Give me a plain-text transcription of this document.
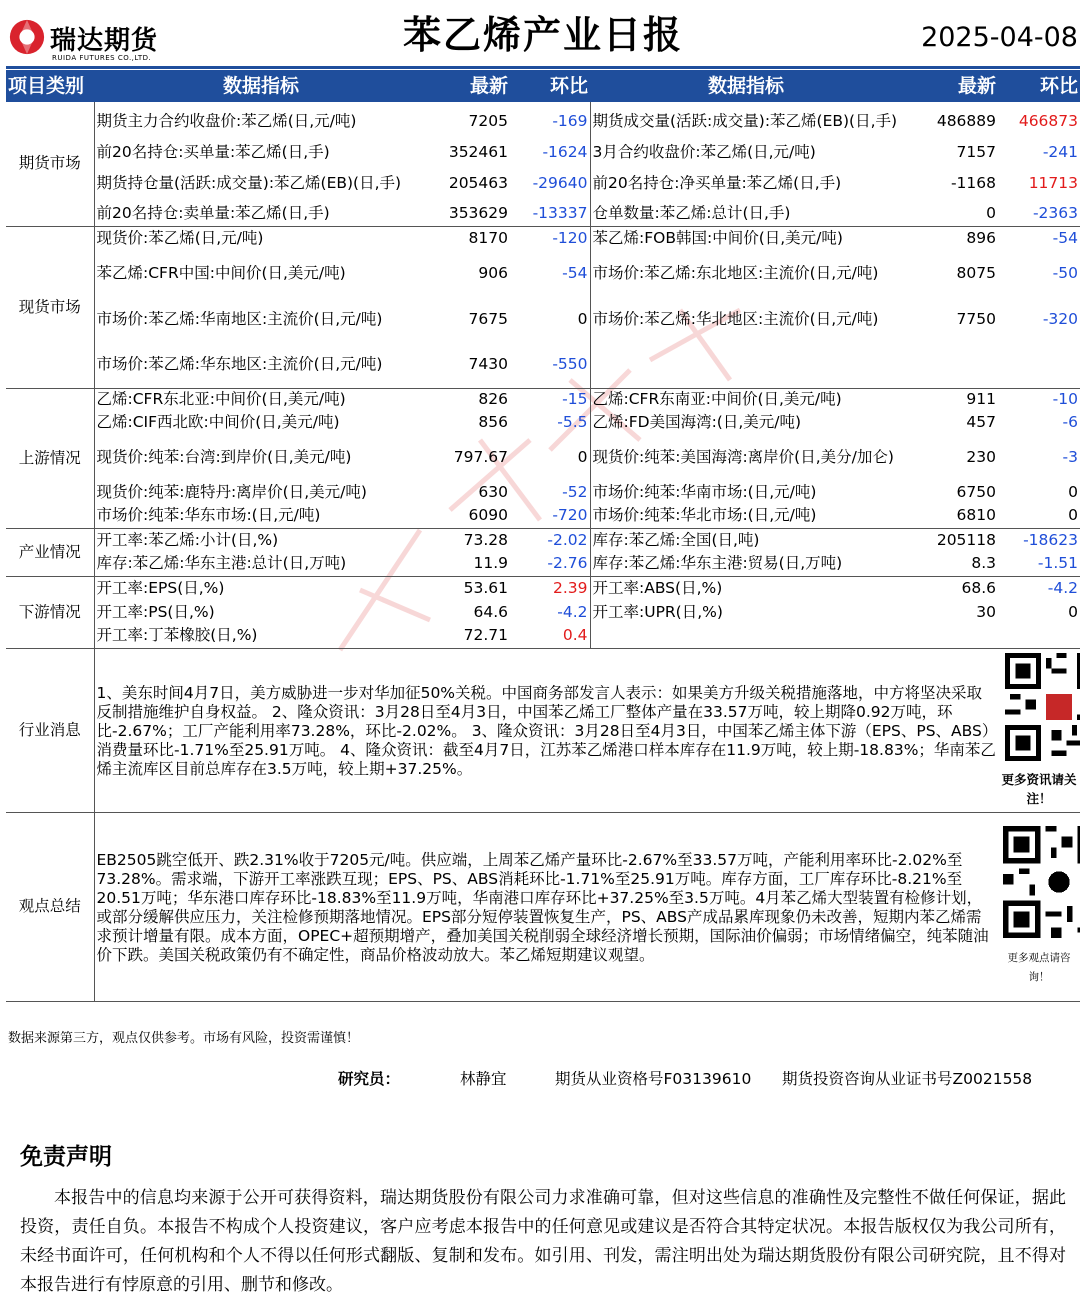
瑞达期货
RUIDA FUTURES CO.,LTD.
苯乙烯产业日报	2025-04-08
项目类别	数据指标	最新	环比	数据指标	最新	环比
期货市场	期货主力合约收盘价:苯乙烯(日,元/吨)	7205	-169	期货成交量(活跃:成交量):苯乙烯(EB)(日,手)	486889	466873
	前20名持仓:买单量:苯乙烯(日,手)	352461	-1624	3月合约收盘价:苯乙烯(日,元/吨)	7157	-241
	期货持仓量(活跃:成交量):苯乙烯(EB)(日,手)	205463	-29640	前20名持仓:净买单量:苯乙烯(日,手)	-1168	11713
	前20名持仓:卖单量:苯乙烯(日,手)	353629	-13337	仓单数量:苯乙烯:总计(日,手)	0	-2363
现货市场	现货价:苯乙烯(日,元/吨)	8170	-120	苯乙烯:FOB韩国:中间价(日,美元/吨)	896	-54
	苯乙烯:CFR中国:中间价(日,美元/吨)	906	-54	市场价:苯乙烯:东北地区:主流价(日,元/吨)	8075	-50
	市场价:苯乙烯:华南地区:主流价(日,元/吨)	7675	0	市场价:苯乙烯:华北地区:主流价(日,元/吨)	7750	-320
	市场价:苯乙烯:华东地区:主流价(日,元/吨)	7430	-550			
上游情况	乙烯:CFR东北亚:中间价(日,美元/吨)	826	-15	乙烯:CFR东南亚:中间价(日,美元/吨)	911	-10
	乙烯:CIF西北欧:中间价(日,美元/吨)	856	-5.5	乙烯:FD美国海湾:(日,美元/吨)	457	-6
	现货价:纯苯:台湾:到岸价(日,美元/吨)	797.67	0	现货价:纯苯:美国海湾:离岸价(日,美分/加仑)	230	-3
	现货价:纯苯:鹿特丹:离岸价(日,美元/吨)	630	-52	市场价:纯苯:华南市场:(日,元/吨)	6750	0
	市场价:纯苯:华东市场:(日,元/吨)	6090	-720	市场价:纯苯:华北市场:(日,元/吨)	6810	0
产业情况	开工率:苯乙烯:小计(日,%)	73.28	-2.02	库存:苯乙烯:全国(日,吨)	205118	-18623
	库存:苯乙烯:华东主港:总计(日,万吨)	11.9	-2.76	库存:苯乙烯:华东主港:贸易(日,万吨)	8.3	-1.51
下游情况	开工率:EPS(日,%)	53.61	2.39	开工率:ABS(日,%)	68.6	-4.2
	开工率:PS(日,%)	64.6	-4.2	开工率:UPR(日,%)	30	0
	开工率:丁苯橡胶(日,%)	72.71	0.4			
行业消息	1、美东时间4月7日，美方威胁进一步对华加征50%关税。中国商务部发言人表示：如果美方升级关税措施落地，中方将坚决采取反制措施维护自身权益。 2、隆众资讯：3月28日至4月3日，中国苯乙烯工厂整体产量在33.57万吨，较上期降0.92万吨，环比-2.67%；工厂产能利用率73.28%，环比-2.02%。 3、隆众资讯：3月28日至4月3日，中国苯乙烯主体下游（EPS、PS、ABS）消费量环比-1.71%至25.91万吨。 4、隆众资讯：截至4月7日，江苏苯乙烯港口样本库存在11.9万吨，较上期-18.83%；华南苯乙烯主流库区目前总库存在3.5万吨，较上期+37.25%。					更多资讯请关注！

观点总结	EB2505跳空低开、跌2.31%收于7205元/吨。供应端，上周苯乙烯产量环比-2.67%至33.57万吨，产能利用率环比-2.02%至73.28%。需求端，下游开工率涨跌互现；EPS、PS、ABS消耗环比-1.71%至25.91万吨。库存方面，工厂库存环比-8.21%至20.51万吨；华东港口库存环比-18.83%至11.9万吨，华南港口库存环比+37.25%至3.5万吨。4月苯乙烯大型装置有检修计划，或部分缓解供应压力，关注检修预期落地情况。EPS部分短停装置恢复生产，PS、ABS产成品累库现象仍未改善，短期内苯乙烯需求预计增量有限。成本方面，OPEC+超预期增产，叠加美国关税削弱全球经济增长预期，国际油价偏弱；市场情绪偏空，纯苯随油价下跌。美国关税政策仍有不确定性，商品价格波动放大。苯乙烯短期建议观望。					更多观点请咨询！
数据来源第三方，观点仅供参考。市场有风险，投资需谨慎！
研究员：	林静宜	期货从业资格号F03139610 期货投资咨询从业证书号Z0021558
免责声明
本报告中的信息均来源于公开可获得资料，瑞达期货股份有限公司力求准确可靠，但对这些信息的准确性及完整性不做任何保证，据此投资，责任自负。本报告不构成个人投资建议，客户应考虑本报告中的任何意见或建议是否符合其特定状况。本报告版权仅为我公司所有，未经书面许可，任何机构和个人不得以任何形式翻版、复制和发布。如引用、刊发，需注明出处为瑞达期货股份有限公司研究院，且不得对本报告进行有悖原意的引用、删节和修改。
